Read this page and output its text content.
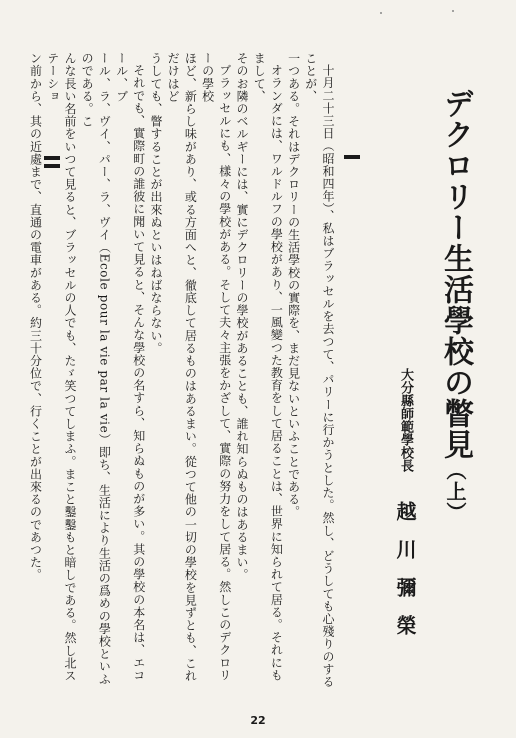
デクロリー生活學校の瞥見（上）
大分縣師範學校長 越川彌榮

十月二十三日（昭和四年）、私はブラッセルを去つて、パリーに行かうとした。然し、どうしても心殘りのすることが、

一つある。それはデクロリーの生活學校の實際を、まだ見ないといふことである。

オランダには、ワルドルフの學校があり、一風變つた教育をして居ることは、世界に知られて居る。それにもまして、

そのお隣のベルギーには、實にデクロリーの學校があることも、誰れ知らぬものはあるまい。

ブラッセルにも、樣々の學校がある。そして夫々主張をかざして、實際の努力をして居る。然しこのデクロリーの學校

ほど、新らし味があり、或る方面へと、徹底して居るものはあるまい。從つて他の一切の學校を見ずとも、これだけはど

うしても、瞥することが出來ぬといはねばならない。

それでも、實際町の誰彼に聞いて見ると、そんな學校の名すら、知らぬものが多い。其の學校の本名は、エコール、ブ

ール、ラ、ヴイ、パー、ラ、ヴイ（Ecole pour la vie par la vie）即ち、生活により生活の爲めの學校といふのである。こ

んな長い名前をいつて見ると、ブラッセルの人でも、たゞ笑つてしまふ。まこと鑿鑿もと暗しである。然し北ステーショ

ン前から、其の近處まで、直通の電車がある。約三十分位で、行くことが出來るのであつた。

22
